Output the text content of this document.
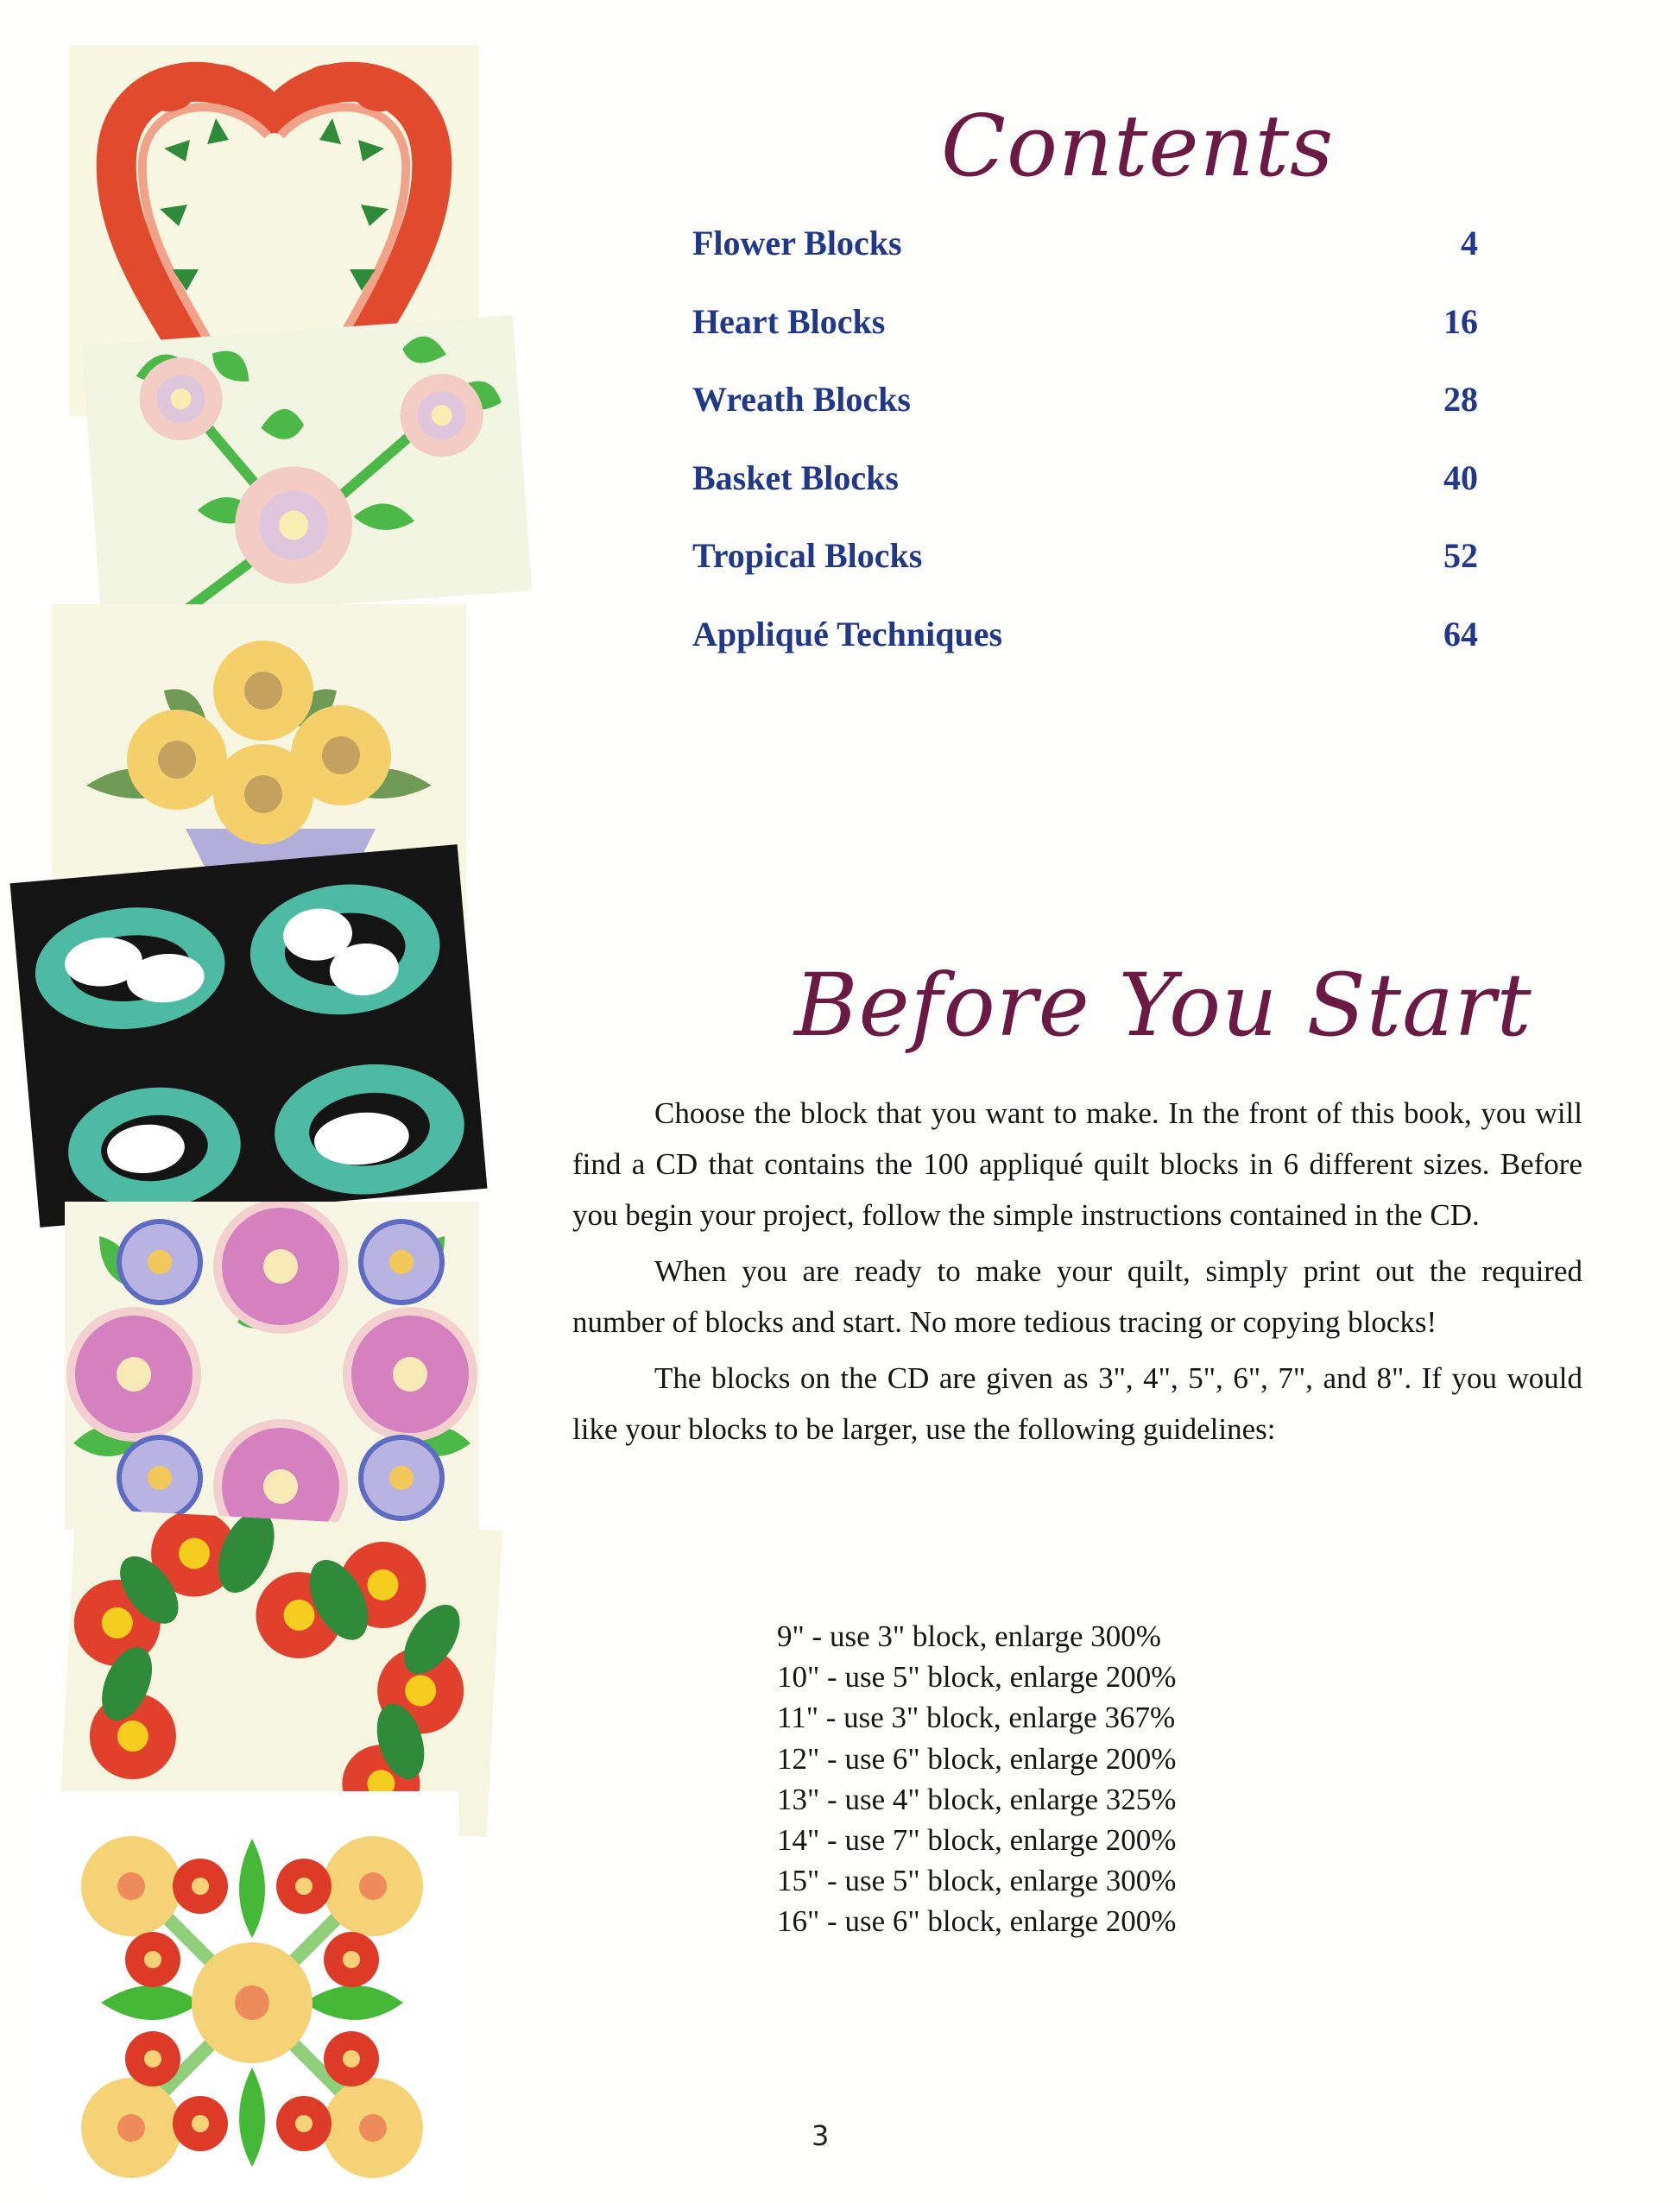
Contents
Flower Blocks	4
Heart Blocks	16
Wreath Blocks	28
Basket Blocks	40
Tropical Blocks	52
Appliqué Techniques	64
Before You Start

Choose the block that you want to make. In the front of this book, you will find a CD that contains the 100 appliqué quilt blocks in 6 different sizes. Before you begin your project, follow the simple instructions contained in the CD.

When you are ready to make your quilt, simply print out the required number of blocks and start. No more tedious tracing or copying blocks!

The blocks on the CD are given as 3", 4", 5", 6", 7", and 8". If you would like your blocks to be larger, use the following guidelines:

9" - use 3" block, enlarge 300%
10" - use 5" block, enlarge 200%
11" - use 3" block, enlarge 367%
12" - use 6" block, enlarge 200%
13" - use 4" block, enlarge 325%
14" - use 7" block, enlarge 200%
15" - use 5" block, enlarge 300%
16" - use 6" block, enlarge 200%
3
